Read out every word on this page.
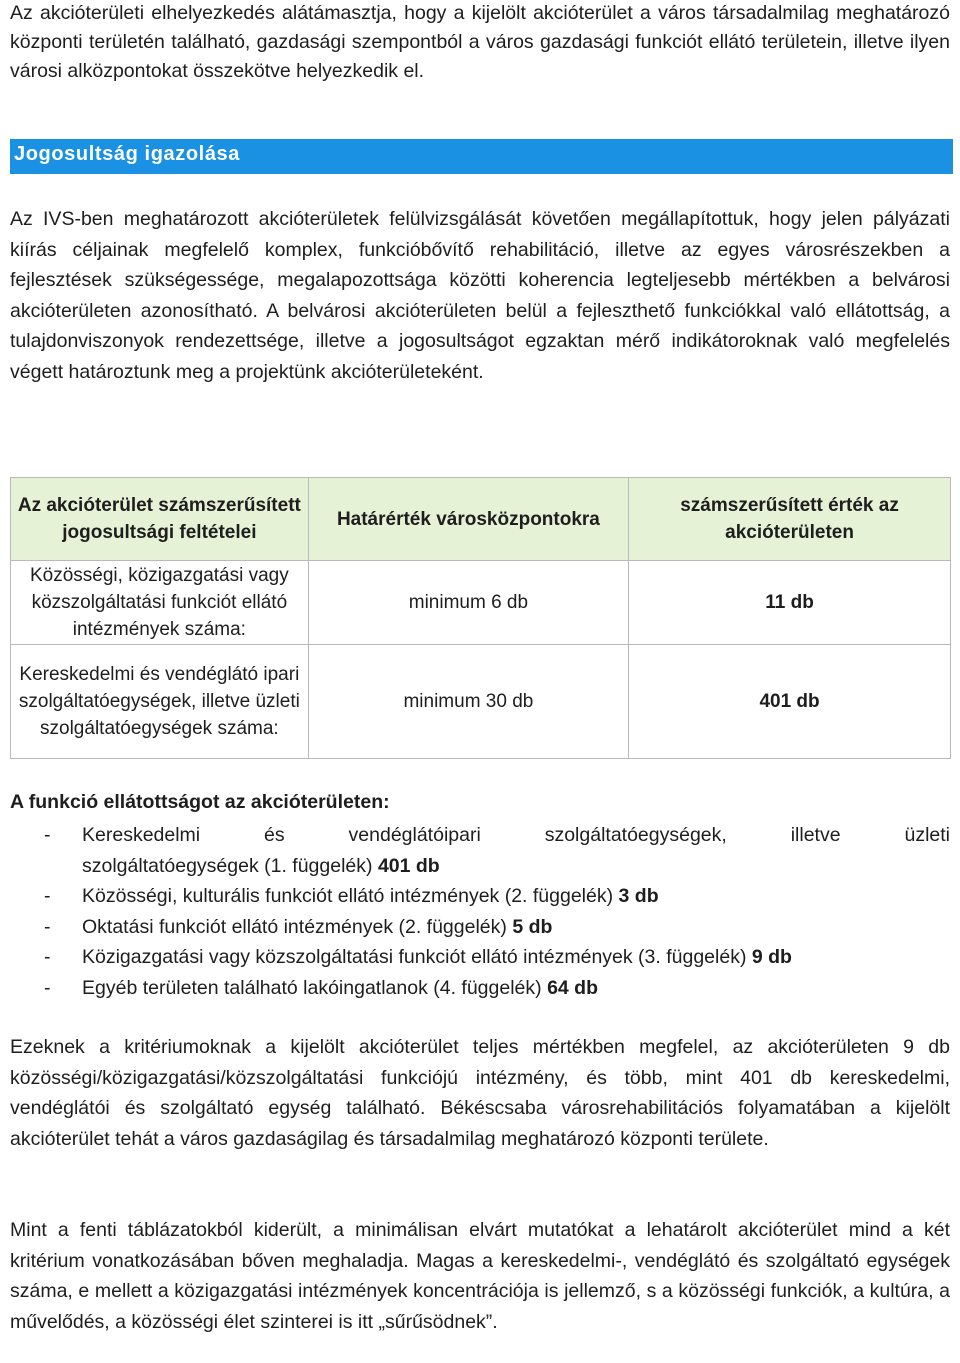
Az akcióterületi elhelyezkedés alátámasztja, hogy a kijelölt akcióterület a város társadalmilag meghatározó központi területén található, gazdasági szempontból a város gazdasági funkciót ellátó területein, illetve ilyen városi alközpontokat összekötve helyezkedik el.

Jogosultság igazolása

Az IVS-ben meghatározott akcióterületek felülvizsgálását követően megállapítottuk, hogy jelen pályázati kiírás céljainak megfelelő komplex, funkcióbővítő rehabilitáció, illetve az egyes városrészekben a fejlesztések szükségessége, megalapozottsága közötti koherencia legteljesebb mértékben a belvárosi akcióterületen azonosítható. A belvárosi akcióterületen belül a fejleszthető funkciókkal való ellátottság, a tulajdonviszonyok rendezettsége, illetve a jogosultságot egzaktan mérő indikátoroknak való megfelelés végett határoztunk meg a projektünk akcióterületeként.

Az akcióterület számszerűsített jogosultsági feltételei	Határérték városközpontokra	számszerűsített érték az akcióterületen
Közösségi, közigazgatási vagy közszolgáltatási funkciót ellátó intézmények száma:	minimum 6 db	11 db
Kereskedelmi és vendéglátó ipari szolgáltatóegységek, illetve üzleti szolgáltatóegységek száma:	minimum 30 db	401 db

A funkció ellátottságot az akcióterületen:

- Kereskedelmi és vendéglátóipari szolgáltatóegységek, illetve üzleti
szolgáltatóegységek (1. függelék) 401 db
- Közösségi, kulturális funkciót ellátó intézmények (2. függelék) 3 db
- Oktatási funkciót ellátó intézmények (2. függelék) 5 db
- Közigazgatási vagy közszolgáltatási funkciót ellátó intézmények (3. függelék) 9 db
- Egyéb területen található lakóingatlanok (4. függelék) 64 db

Ezeknek a kritériumoknak a kijelölt akcióterület teljes mértékben megfelel, az akcióterületen 9 db közösségi/közigazgatási/közszolgáltatási funkciójú intézmény, és több, mint 401 db kereskedelmi, vendéglátói és szolgáltató egység található. Békéscsaba városrehabilitációs folyamatában a kijelölt akcióterület tehát a város gazdaságilag és társadalmilag meghatározó központi területe.

Mint a fenti táblázatokból kiderült, a minimálisan elvárt mutatókat a lehatárolt akcióterület mind a két kritérium vonatkozásában bőven meghaladja. Magas a kereskedelmi-, vendéglátó és szolgáltató egységek száma, e mellett a közigazgatási intézmények koncentrációja is jellemző, s a közösségi funkciók, a kultúra, a művelődés, a közösségi élet szinterei is itt „sűrűsödnek”.
